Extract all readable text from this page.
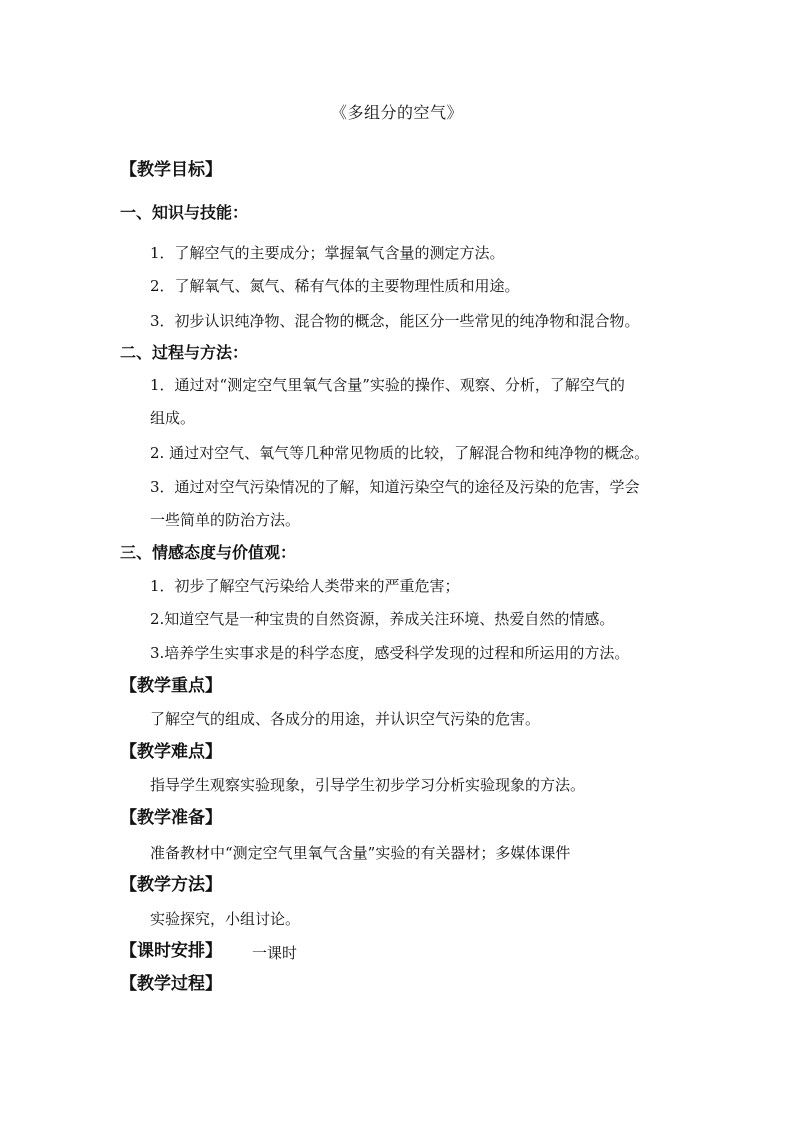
《多组分的空气》
【教学目标】
一、知识与技能：
1．了解空气的主要成分；掌握氧气含量的测定方法。
2．了解氧气、氮气、稀有气体的主要物理性质和用途。
3．初步认识纯净物、混合物的概念，能区分一些常见的纯净物和混合物。
二、过程与方法：
1．通过对“测定空气里氧气含量”实验的操作、观察、分析，了解空气的
组成。
2. 通过对空气、氧气等几种常见物质的比较，了解混合物和纯净物的概念。
3．通过对空气污染情况的了解，知道污染空气的途径及污染的危害，学会
一些简单的防治方法。
三、情感态度与价值观：
1．初步了解空气污染给人类带来的严重危害；
2.知道空气是一种宝贵的自然资源，养成关注环境、热爱自然的情感。
3.培养学生实事求是的科学态度，感受科学发现的过程和所运用的方法。
【教学重点】
了解空气的组成、各成分的用途，并认识空气污染的危害。
【教学难点】
指导学生观察实验现象，引导学生初步学习分析实验现象的方法。
【教学准备】
准备教材中“测定空气里氧气含量”实验的有关器材；多媒体课件
【教学方法】
实验探究，小组讨论。
【课时安排】 一课时
【教学过程】
